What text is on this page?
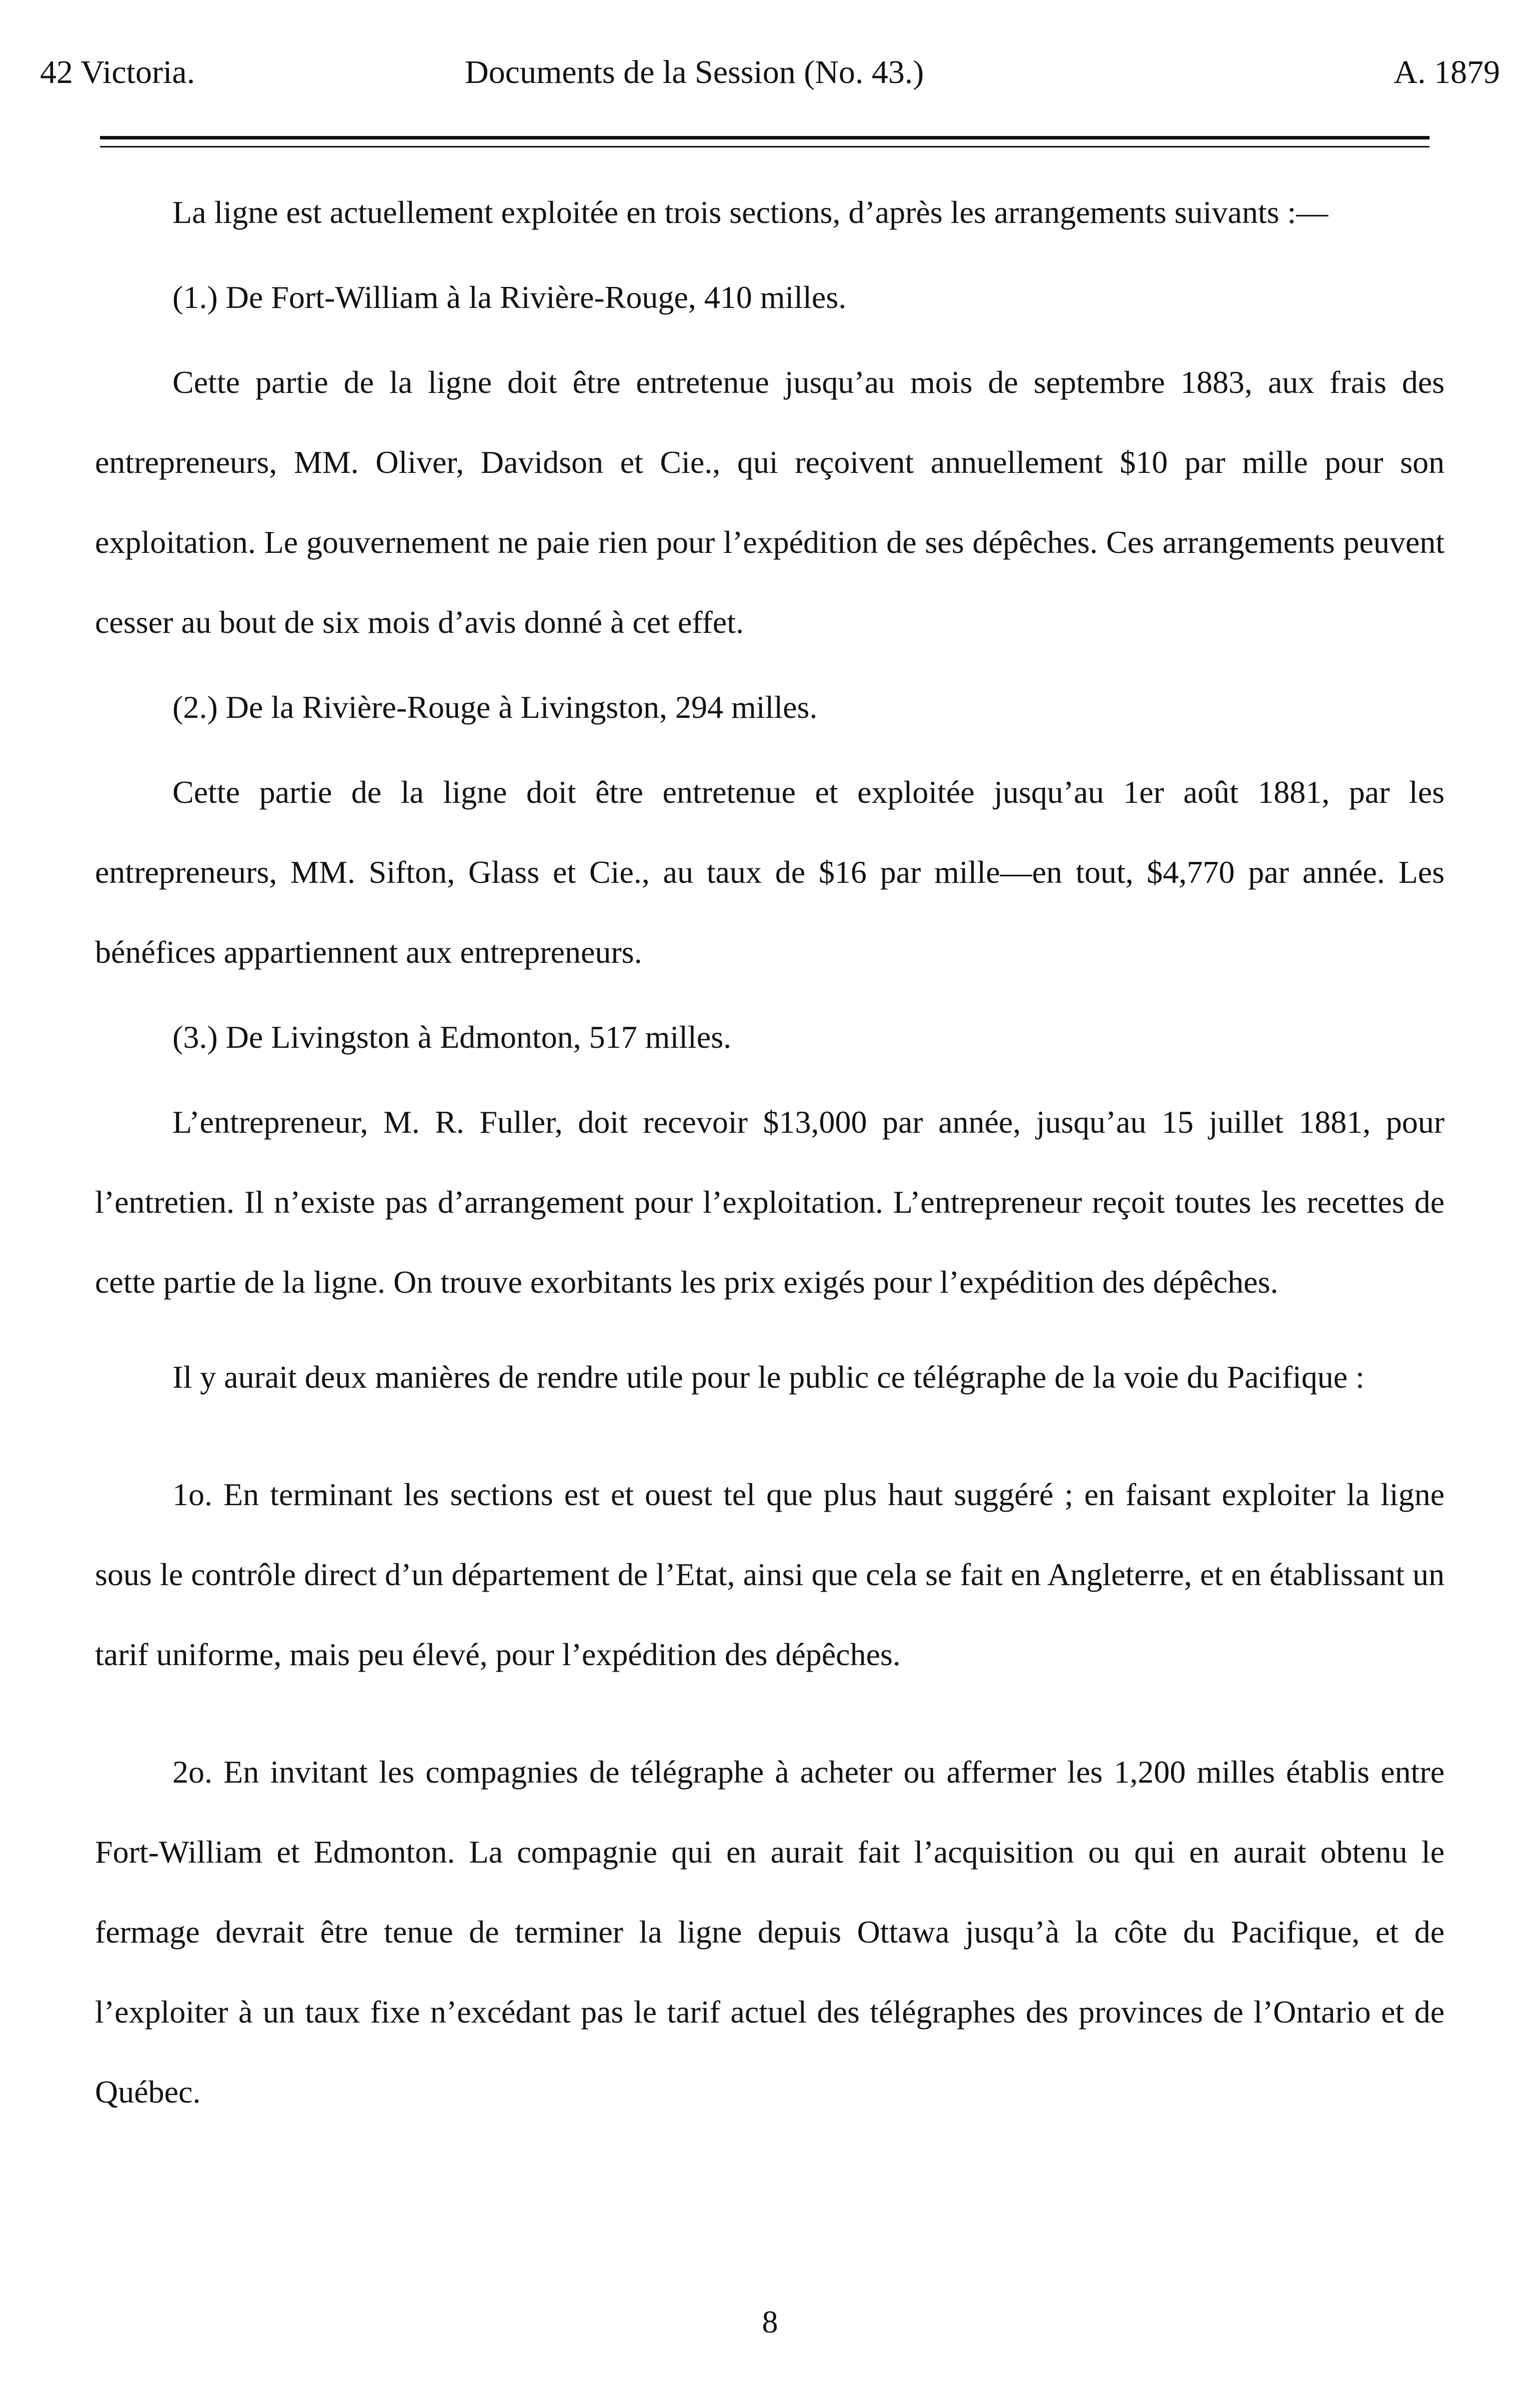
42 Victoria.	Documents de la Session (No. 43.)	A. 1879

La ligne est actuellement exploitée en trois sections, d’après les arrangements suivants :—

(1.) De Fort-William à la Rivière-Rouge, 410 milles.

Cette partie de la ligne doit être entretenue jusqu’au mois de septembre 1883, aux frais des entrepreneurs, MM. Oliver, Davidson et Cie., qui reçoivent annuellement $10 par mille pour son exploitation. Le gouvernement ne paie rien pour l’expédition de ses dépêches. Ces arrangements peuvent cesser au bout de six mois d’avis donné à cet effet.

(2.) De la Rivière-Rouge à Livingston, 294 milles.

Cette partie de la ligne doit être entretenue et exploitée jusqu’au 1er août 1881, par les entrepreneurs, MM. Sifton, Glass et Cie., au taux de $16 par mille—en tout, $4,770 par année. Les bénéfices appartiennent aux entrepreneurs.

(3.) De Livingston à Edmonton, 517 milles.

L’entrepreneur, M. R. Fuller, doit recevoir $13,000 par année, jusqu’au 15 juillet 1881, pour l’entretien. Il n’existe pas d’arrangement pour l’exploitation. L’entrepreneur reçoit toutes les recettes de cette partie de la ligne. On trouve exorbitants les prix exigés pour l’expédition des dépêches.

Il y aurait deux manières de rendre utile pour le public ce télégraphe de la voie du Pacifique :

1o. En terminant les sections est et ouest tel que plus haut suggéré ; en faisant exploiter la ligne sous le contrôle direct d’un département de l’Etat, ainsi que cela se fait en Angleterre, et en établissant un tarif uniforme, mais peu élevé, pour l’expédition des dépêches.

2o. En invitant les compagnies de télégraphe à acheter ou affermer les 1,200 milles établis entre Fort-William et Edmonton. La compagnie qui en aurait fait l’acquisition ou qui en aurait obtenu le fermage devrait être tenue de terminer la ligne depuis Ottawa jusqu’à la côte du Pacifique, et de l’exploiter à un taux fixe n’excédant pas le tarif actuel des télégraphes des provinces de l’Ontario et de Québec.

8
